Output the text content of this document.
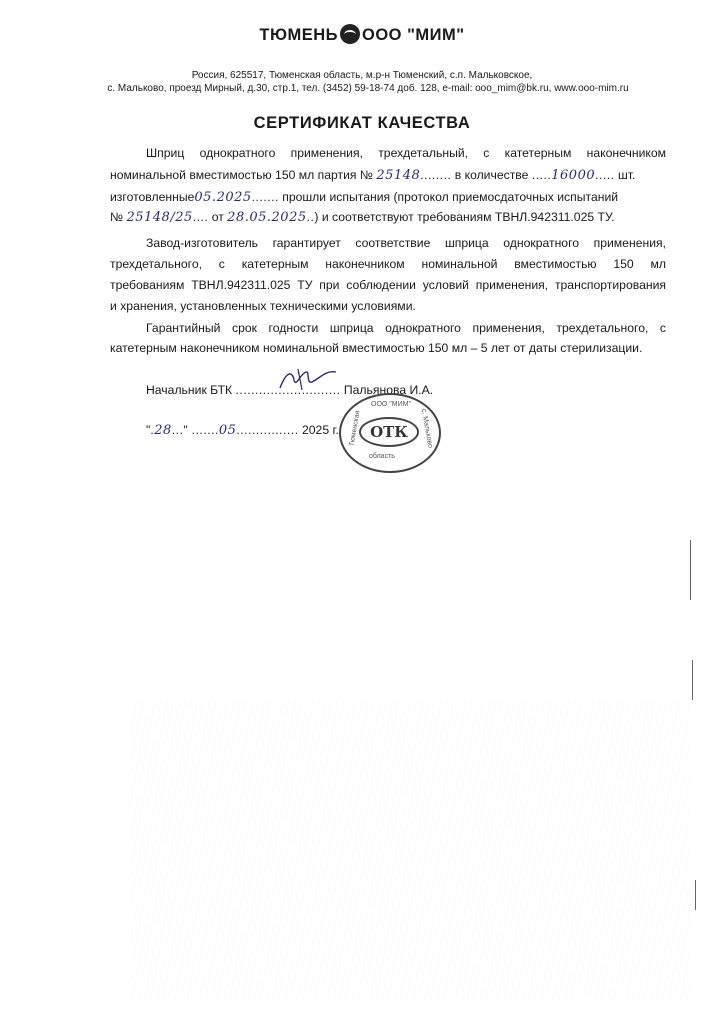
ТЮМЕНЬ ООО "МИМ"
Россия, 625517, Тюменская область, м.р-н Тюменский, с.п. Мальковское,
с. Мальково, проезд Мирный, д.30, стр.1, тел. (3452) 59-18-74 доб. 128, e-mail: ooo_mim@bk.ru, www.ooo-mim.ru
СЕРТИФИКАТ КАЧЕСТВА
Шприц однократного применения, трехдетальный, с катетерным наконечником
номинальной вместимостью 150 мл партия № 25148........ в количестве .....16000..... шт.
изготовленные05.2025....... прошли испытания (протокол приемосдаточных испытаний
№ 25148/25.... от 28.05.2025..) и соответствуют требованиям ТВНЛ.942311.025 ТУ.
Завод-изготовитель гарантирует соответствие шприца однократного применения,
трехдетального, с катетерным наконечником номинальной вместимостью 150 мл
требованиям ТВНЛ.942311.025 ТУ при соблюдении условий применения, транспортирования
и хранения, установленных техническими условиями.
Гарантийный срок годности шприца однократного применения, трехдетального, с
катетерным наконечником номинальной вместимостью 150 мл – 5 лет от даты стерилизации.
Начальник БТК ........................... Пальянова И.А.
".28..." .......05................ 2025 г.
ООО "МИМ"
Тюменская
область
с. Мальково
ОТК
